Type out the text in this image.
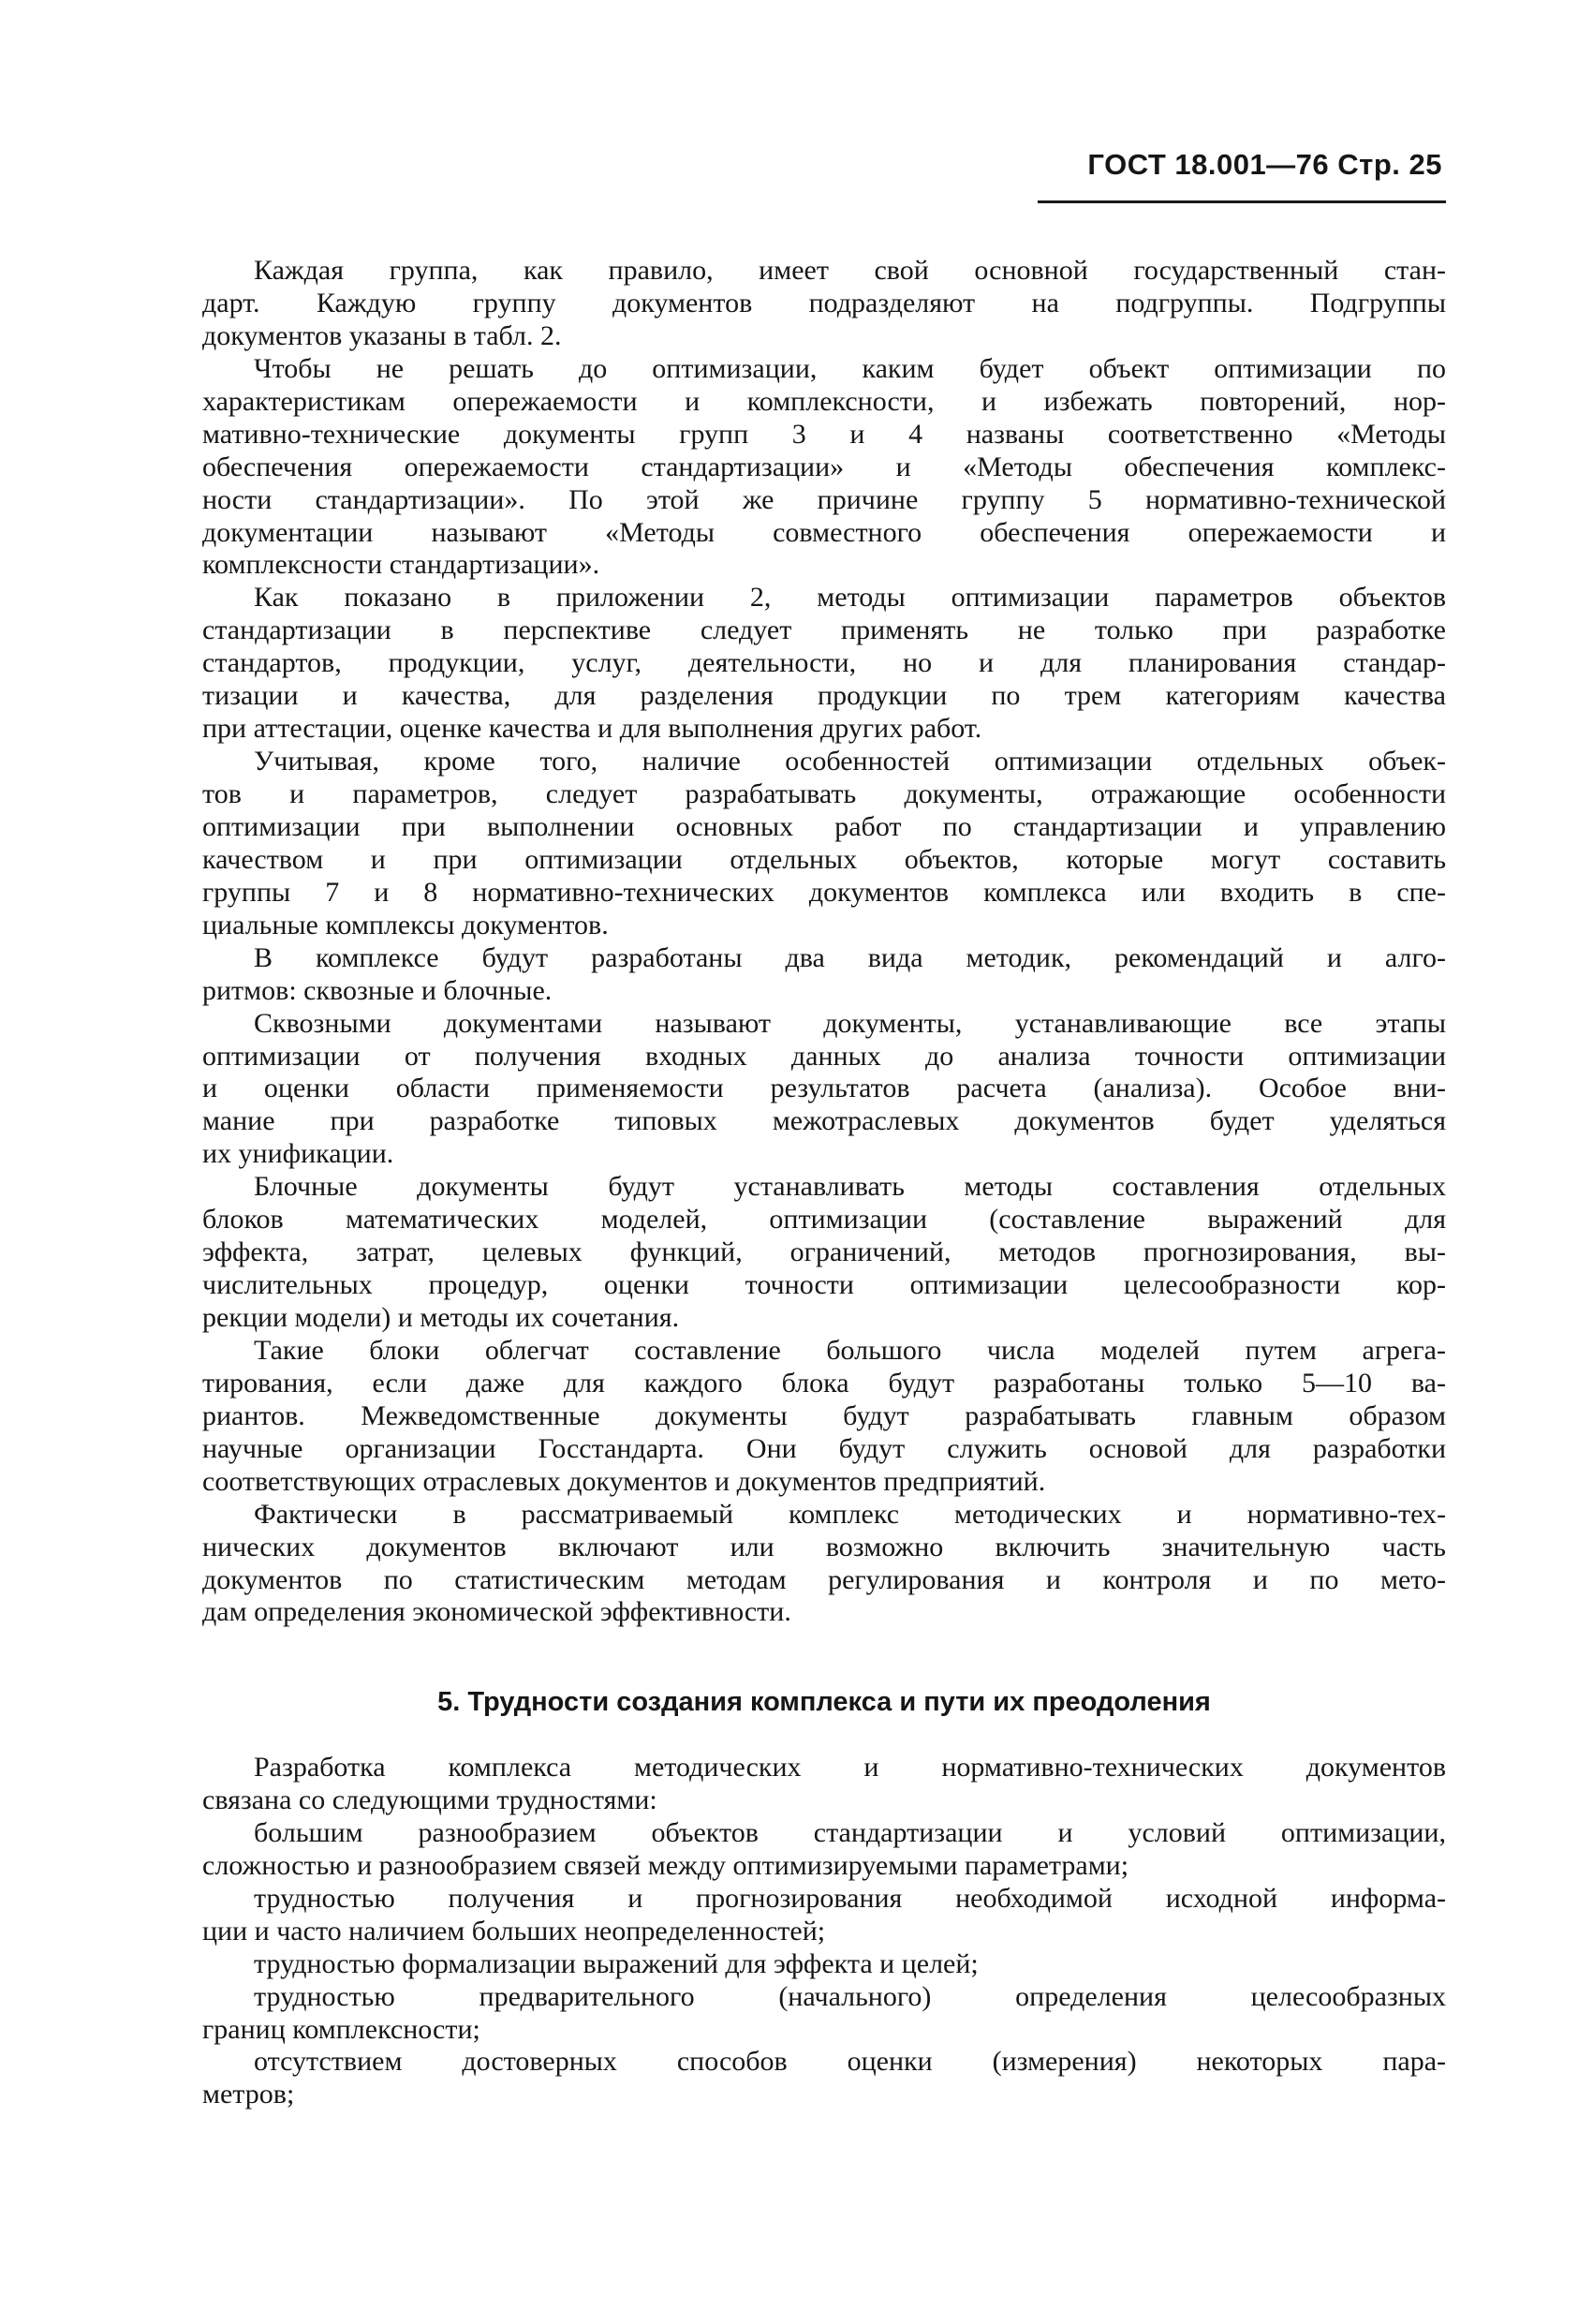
ГОСТ 18.001—76 Стр. 25
Каждая группа, как правило, имеет свой основной государственный стан-
дарт. Каждую группу документов подразделяют на подгруппы. Подгруппы
документов указаны в табл. 2.
Чтобы не решать до оптимизации, каким будет объект оптимизации по
характеристикам опережаемости и комплексности, и избежать повторений, нор-
мативно-технические документы групп 3 и 4 названы соответственно «Методы
обеспечения опережаемости стандартизации» и «Методы обеспечения комплекс-
ности стандартизации». По этой же причине группу 5 нормативно-технической
документации называют «Методы совместного обеспечения опережаемости и
комплексности стандартизации».
Как показано в приложении 2, методы оптимизации параметров объектов
стандартизации в перспективе следует применять не только при разработке
стандартов, продукции, услуг, деятельности, но и для планирования стандар-
тизации и качества, для разделения продукции по трем категориям качества
при аттестации, оценке качества и для выполнения других работ.
Учитывая, кроме того, наличие особенностей оптимизации отдельных объек-
тов и параметров, следует разрабатывать документы, отражающие особенности
оптимизации при выполнении основных работ по стандартизации и управлению
качеством и при оптимизации отдельных объектов, которые могут составить
группы 7 и 8 нормативно-технических документов комплекса или входить в спе-
циальные комплексы документов.
В комплексе будут разработаны два вида методик, рекомендаций и алго-
ритмов: сквозные и блочные.
Сквозными документами называют документы, устанавливающие все этапы
оптимизации от получения входных данных до анализа точности оптимизации
и оценки области применяемости результатов расчета (анализа). Особое вни-
мание при разработке типовых межотраслевых документов будет уделяться
их унификации.
Блочные документы будут устанавливать методы составления отдельных
блоков математических моделей, оптимизации (составление выражений для
эффекта, затрат, целевых функций, ограничений, методов прогнозирования, вы-
числительных процедур, оценки точности оптимизации целесообразности кор-
рекции модели) и методы их сочетания.
Такие блоки облегчат составление большого числа моделей путем агрега-
тирования, если даже для каждого блока будут разработаны только 5—10 ва-
риантов. Межведомственные документы будут разрабатывать главным образом
научные организации Госстандарта. Они будут служить основой для разработки
соответствующих отраслевых документов и документов предприятий.
Фактически в рассматриваемый комплекс методических и нормативно-тех-
нических документов включают или возможно включить значительную часть
документов по статистическим методам регулирования и контроля и по мето-
дам определения экономической эффективности.
5. Трудности создания комплекса и пути их преодоления
Разработка комплекса методических и нормативно-технических документов
связана со следующими трудностями:
большим разнообразием объектов стандартизации и условий оптимизации,
сложностью и разнообразием связей между оптимизируемыми параметрами;
трудностью получения и прогнозирования необходимой исходной информа-
ции и часто наличием больших неопределенностей;
трудностью формализации выражений для эффекта и целей;
трудностью предварительного (начального) определения целесообразных
границ комплексности;
отсутствием достоверных способов оценки (измерения) некоторых пара-
метров;
